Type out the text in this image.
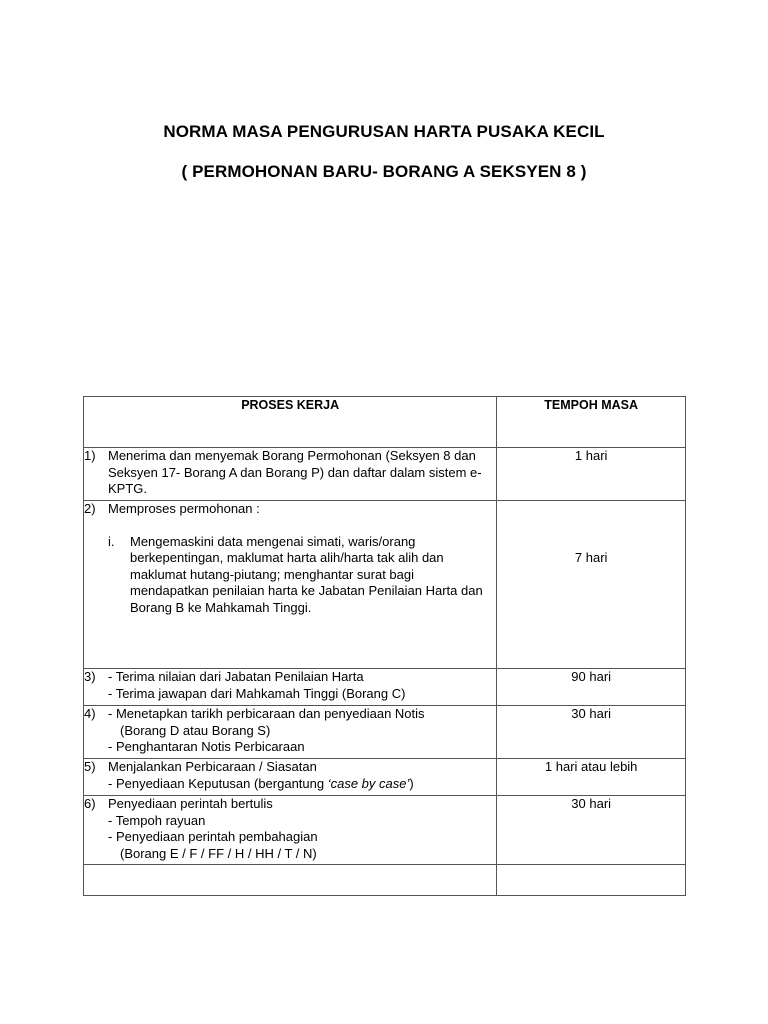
NORMA MASA PENGURUSAN HARTA PUSAKA KECIL
( PERMOHONAN BARU- BORANG A SEKSYEN 8 )
PROSES KERJA	TEMPOH MASA

1) Menerima dan menyemak Borang Permohonan (Seksyen 8 dan Seksyen 17- Borang A dan Borang P) dan daftar dalam sistem e-KPTG.	1 hari

2) Memproses permohonan :
i. Mengemaskini data mengenai simati, waris/orang berkepentingan, maklumat harta alih/harta tak alih dan maklumat hutang-piutang; menghantar surat bagi mendapatkan penilaian harta ke Jabatan Penilaian Harta dan Borang B ke Mahkamah Tinggi.	7 hari

3) - Terima nilaian dari Jabatan Penilaian Harta
- Terima jawapan dari Mahkamah Tinggi (Borang C)	90 hari

4) - Menetapkan tarikh perbicaraan dan penyediaan Notis
(Borang D atau Borang S)
- Penghantaran Notis Perbicaraan	30 hari

5) Menjalankan Perbicaraan / Siasatan
- Penyediaan Keputusan (bergantung ‘case by case’)	1 hari atau lebih

6) Penyediaan perintah bertulis
- Tempoh rayuan
- Penyediaan perintah pembahagian
(Borang E / F / FF / H / HH / T / N)	30 hari
